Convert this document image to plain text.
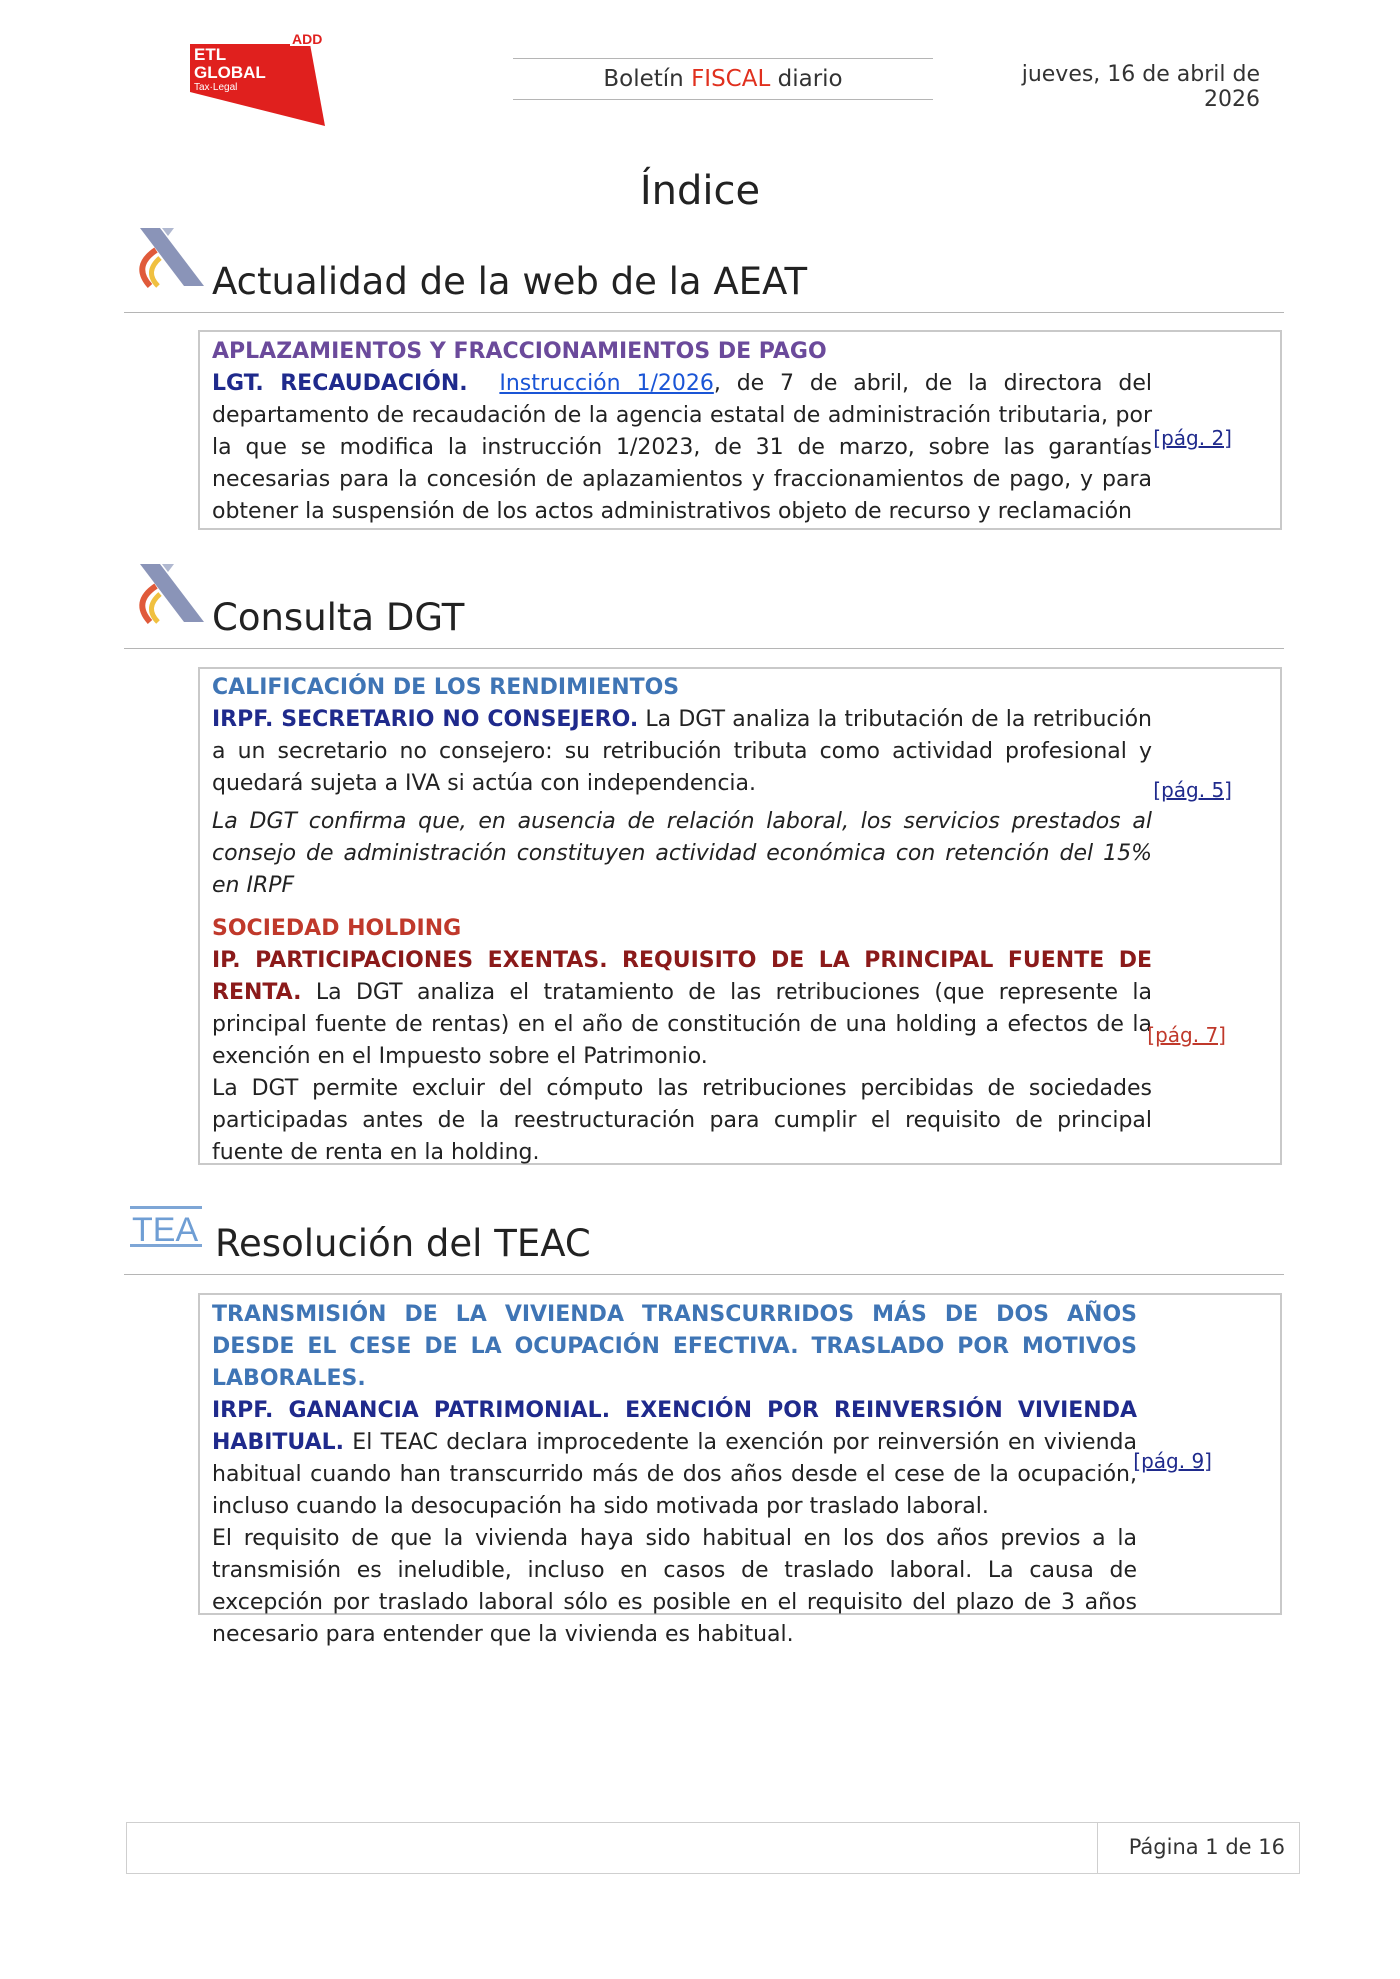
ADD
ETL
GLOBAL
Tax·Legal	Boletín FISCAL diario	jueves, 16 de abril de 2026
Índice
Actualidad de la web de la AEAT
APLAZAMIENTOS Y FRACCIONAMIENTOS DE PAGO
LGT. RECAUDACIÓN. Instrucción 1/2026, de 7 de abril, de la directora del departamento de recaudación de la agencia estatal de administración tributaria, por la que se modifica la instrucción 1/2023, de 31 de marzo, sobre las garantías necesarias para la concesión de aplazamientos y fraccionamientos de pago, y para obtener la suspensión de los actos administrativos objeto de recurso y reclamación
[pág. 2]
Consulta DGT
CALIFICACIÓN DE LOS RENDIMIENTOS
IRPF. SECRETARIO NO CONSEJERO. La DGT analiza la tributación de la retribución a un secretario no consejero: su retribución tributa como actividad profesional y quedará sujeta a IVA si actúa con independencia.
La DGT confirma que, en ausencia de relación laboral, los servicios prestados al consejo de administración constituyen actividad económica con retención del 15% en IRPF
[pág. 5]
SOCIEDAD HOLDING
IP. PARTICIPACIONES EXENTAS. REQUISITO DE LA PRINCIPAL FUENTE DE RENTA. La DGT analiza el tratamiento de las retribuciones (que represente la principal fuente de rentas) en el año de constitución de una holding a efectos de la exención en el Impuesto sobre el Patrimonio.
La DGT permite excluir del cómputo las retribuciones percibidas de sociedades participadas antes de la reestructuración para cumplir el requisito de principal fuente de renta en la holding.
[pág. 7]
TEA Resolución del TEAC
TRANSMISIÓN DE LA VIVIENDA TRANSCURRIDOS MÁS DE DOS AÑOS DESDE EL CESE DE LA OCUPACIÓN EFECTIVA. TRASLADO POR MOTIVOS LABORALES.
IRPF. GANANCIA PATRIMONIAL. EXENCIÓN POR REINVERSIÓN VIVIENDA HABITUAL. El TEAC declara improcedente la exención por reinversión en vivienda habitual cuando han transcurrido más de dos años desde el cese de la ocupación, incluso cuando la desocupación ha sido motivada por traslado laboral.
El requisito de que la vivienda haya sido habitual en los dos años previos a la transmisión es ineludible, incluso en casos de traslado laboral. La causa de excepción por traslado laboral sólo es posible en el requisito del plazo de 3 años necesario para entender que la vivienda es habitual.
[pág. 9]
Página 1 de 16
